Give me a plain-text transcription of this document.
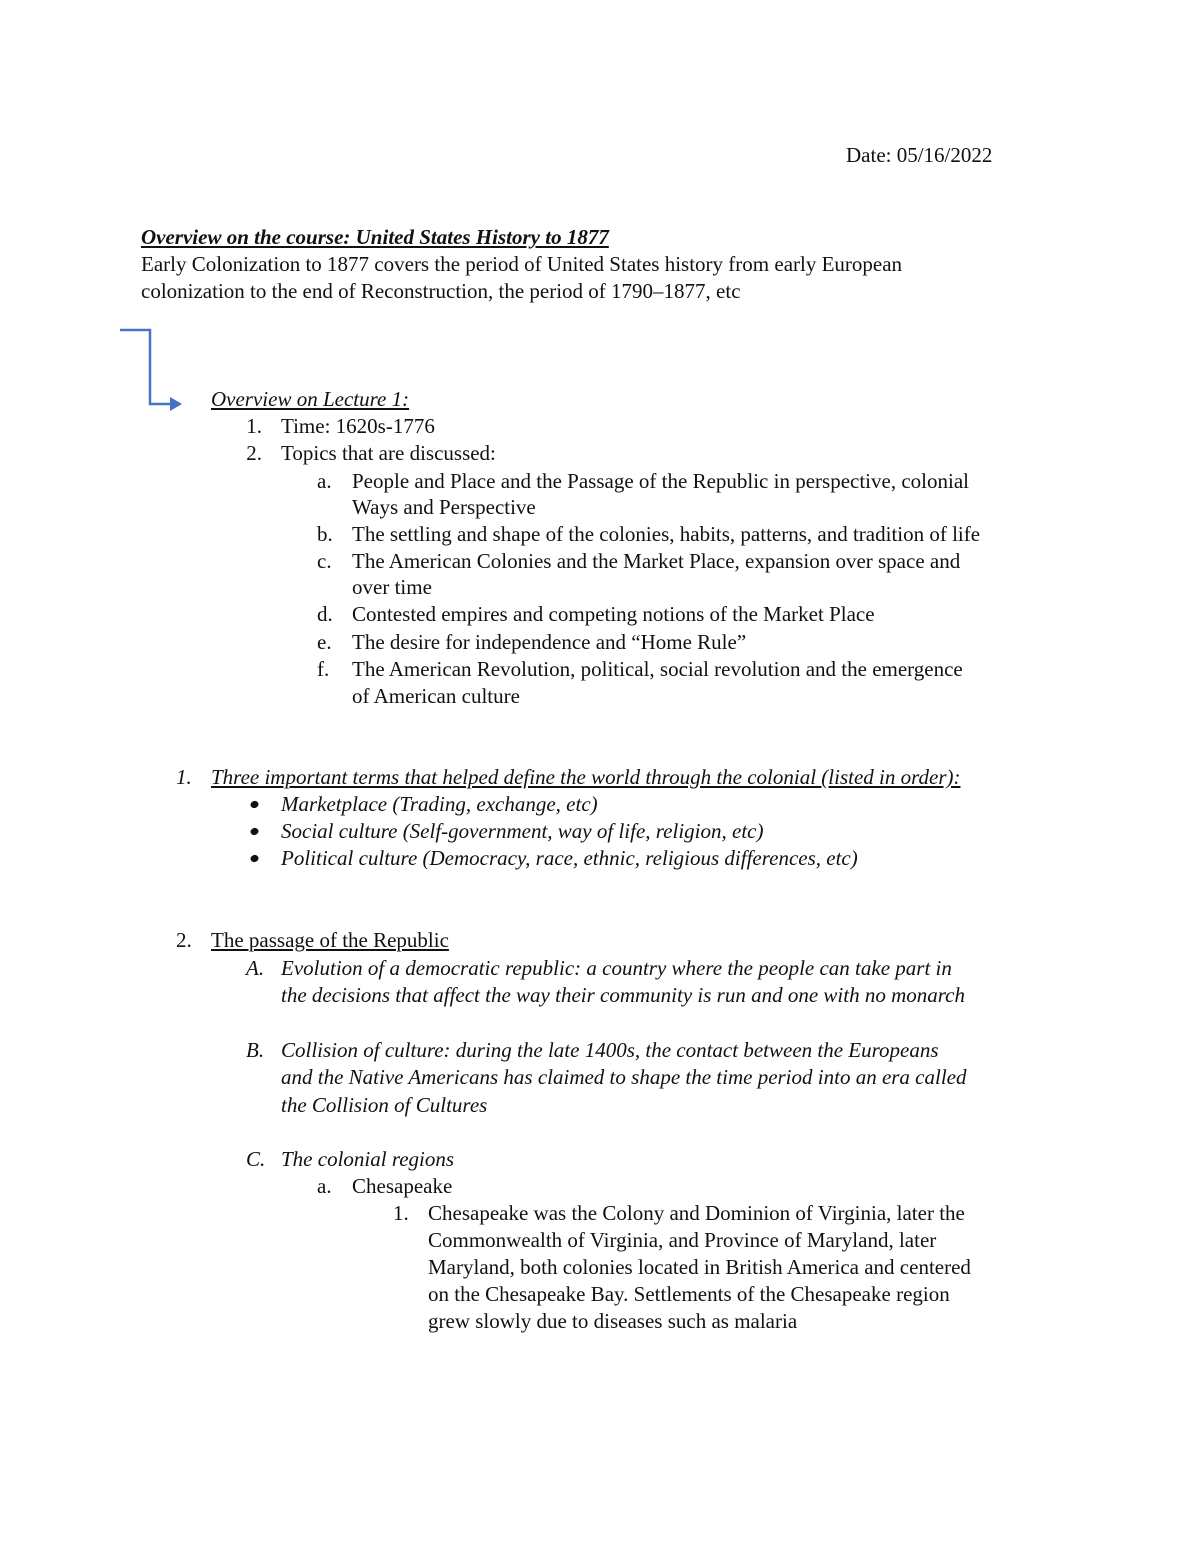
Date: 05/16/2022
Overview on the course: United States History to 1877
Early Colonization to 1877 covers the period of United States history from early European
colonization to the end of Reconstruction, the period of 1790–1877, etc
Overview on Lecture 1:
1. Time: 1620s-1776
2. Topics that are discussed:
a. People and Place and the Passage of the Republic in perspective, colonial
Ways and Perspective
b. The settling and shape of the colonies, habits, patterns, and tradition of life
c. The American Colonies and the Market Place, expansion over space and
over time
d. Contested empires and competing notions of the Market Place
e. The desire for independence and “Home Rule”
f. The American Revolution, political, social revolution and the emergence
of American culture
1. Three important terms that helped define the world through the colonial (listed in order):
Marketplace (Trading, exchange, etc)
Social culture (Self-government, way of life, religion, etc)
Political culture (Democracy, race, ethnic, religious differences, etc)
2. The passage of the Republic
A. Evolution of a democratic republic: a country where the people can take part in
the decisions that affect the way their community is run and one with no monarch
B. Collision of culture: during the late 1400s, the contact between the Europeans
and the Native Americans has claimed to shape the time period into an era called
the Collision of Cultures
C. The colonial regions
a. Chesapeake
1. Chesapeake was the Colony and Dominion of Virginia, later the
Commonwealth of Virginia, and Province of Maryland, later
Maryland, both colonies located in British America and centered
on the Chesapeake Bay. Settlements of the Chesapeake region
grew slowly due to diseases such as malaria
